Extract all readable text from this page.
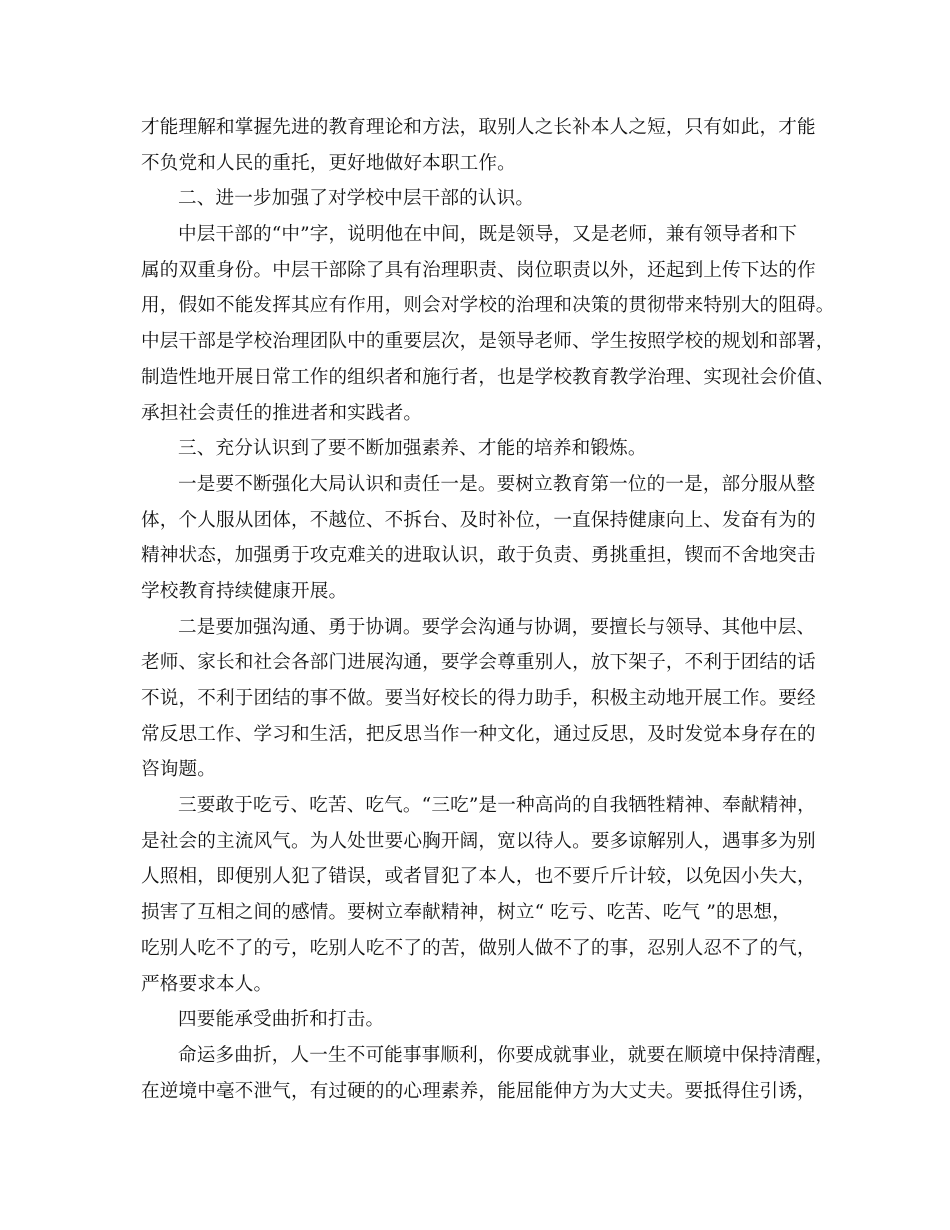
才能理解和掌握先进的教育理论和方法，取别人之长补本人之短，只有如此，才能
不负党和人民的重托，更好地做好本职工作。
二、进一步加强了对学校中层干部的认识。
中层干部的“中”字，说明他在中间，既是领导，又是老师，兼有领导者和下
属的双重身份。中层干部除了具有治理职责、岗位职责以外，还起到上传下达的作
用，假如不能发挥其应有作用，则会对学校的治理和决策的贯彻带来特别大的阻碍。
中层干部是学校治理团队中的重要层次，是领导老师、学生按照学校的规划和部署，
制造性地开展日常工作的组织者和施行者，也是学校教育教学治理、实现社会价值、
承担社会责任的推进者和实践者。
三、充分认识到了要不断加强素养、才能的培养和锻炼。
一是要不断强化大局认识和责任一是。要树立教育第一位的一是，部分服从整
体，个人服从团体，不越位、不拆台、及时补位，一直保持健康向上、发奋有为的
精神状态，加强勇于攻克难关的进取认识，敢于负责、勇挑重担，锲而不舍地突击
学校教育持续健康开展。
二是要加强沟通、勇于协调。要学会沟通与协调，要擅长与领导、其他中层、
老师、家长和社会各部门进展沟通，要学会尊重别人，放下架子，不利于团结的话
不说，不利于团结的事不做。要当好校长的得力助手，积极主动地开展工作。要经
常反思工作、学习和生活，把反思当作一种文化，通过反思，及时发觉本身存在的
咨询题。
三要敢于吃亏、吃苦、吃气。“三吃”是一种高尚的自我牺牲精神、奉献精神，
是社会的主流风气。为人处世要心胸开阔，宽以待人。要多谅解别人，遇事多为别
人照相，即便别人犯了错误，或者冒犯了本人，也不要斤斤计较，以免因小失大，
损害了互相之间的感情。要树立奉献精神，树立“ 吃亏、吃苦、吃气 ”的思想，
吃别人吃不了的亏，吃别人吃不了的苦，做别人做不了的事，忍别人忍不了的气，
严格要求本人。
四要能承受曲折和打击。
命运多曲折，人一生不可能事事顺利，你要成就事业，就要在顺境中保持清醒，
在逆境中毫不泄气，有过硬的的心理素养，能屈能伸方为大丈夫。要抵得住引诱，
